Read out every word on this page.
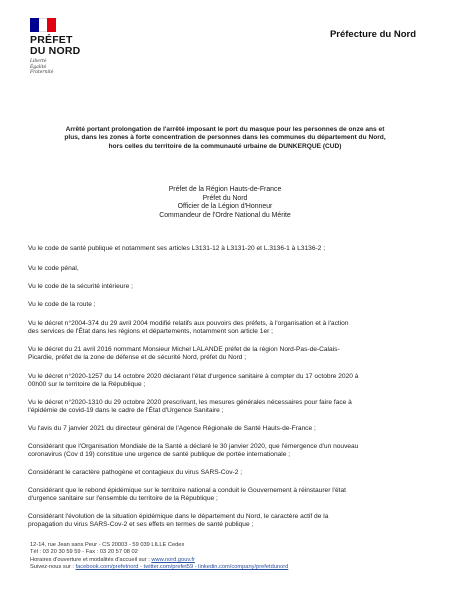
PRÉFET
DU NORD
Liberté
Égalité
Fraternité
Préfecture du Nord
Arrêté portant prolongation de l'arrêté imposant le port du masque pour les personnes de onze ans et
plus, dans les zones à forte concentration de personnes dans les communes du département du Nord,
hors celles du territoire de la communauté urbaine de DUNKERQUE (CUD)
Préfet de la Région Hauts-de-France
Préfet du Nord
Officier de la Légion d'Honneur
Commandeur de l'Ordre National du Mérite
Vu le code de santé publique et notamment ses articles L3131-12 à L3131-20 et L.3136-1 à L3136-2 ;
Vu le code pénal,
Vu le code de la sécurité intérieure ;
Vu le code de la route ;
Vu le décret n°2004-374 du 29 avril 2004 modifié relatifs aux pouvoirs des préfets, à l'organisation et à l'action
des services de l'État dans les régions et départements, notamment son article 1er ;
Vu le décret du 21 avril 2016 nommant Monsieur Michel LALANDE préfet de la région Nord-Pas-de-Calais-
Picardie, préfet de la zone de défense et de sécurité Nord, préfet du Nord ;
Vu le décret n°2020-1257 du 14 octobre 2020 déclarant l'état d'urgence sanitaire à compter du 17 octobre 2020 à
00h00 sur le territoire de la République ;
Vu le décret n°2020-1310 du 29 octobre 2020 prescrivant, les mesures générales nécessaires pour faire face à
l'épidémie de covid-19 dans le cadre de l'État d'Urgence Sanitaire ;
Vu l'avis du 7 janvier 2021 du directeur général de l'Agence Régionale de Santé Hauts-de-France ;
Considérant que l'Organisation Mondiale de la Santé a déclaré le 30 janvier 2020, que l'émergence d'un nouveau
coronavirus (Cov d 19) constitue une urgence de santé publique de portée internationale ;
Considérant le caractère pathogène et contagieux du virus SARS-Cov-2 ;
Considérant que le rebond épidémique sur le territoire national a conduit le Gouvernement à réinstaurer l'état
d'urgence sanitaire sur l'ensemble du territoire de la République ;
Considérant l'évolution de la situation épidémique dans le département du Nord, le caractère actif de la
propagation du virus SARS-Cov-2 et ses effets en termes de santé publique ;
12-14, rue Jean sans Peur - CS 20003 - 59 039 LILLE Cedex
Tél : 03 20 30 59 59 - Fax : 03 20 57 08 02
Horaires d'ouverture et modalités d'accueil sur : www.nord.gouv.fr
Suivez-nous sur : facebook.com/prefetnord - twitter.com/prefet59 - linkedin.com/company/prefetdunord
